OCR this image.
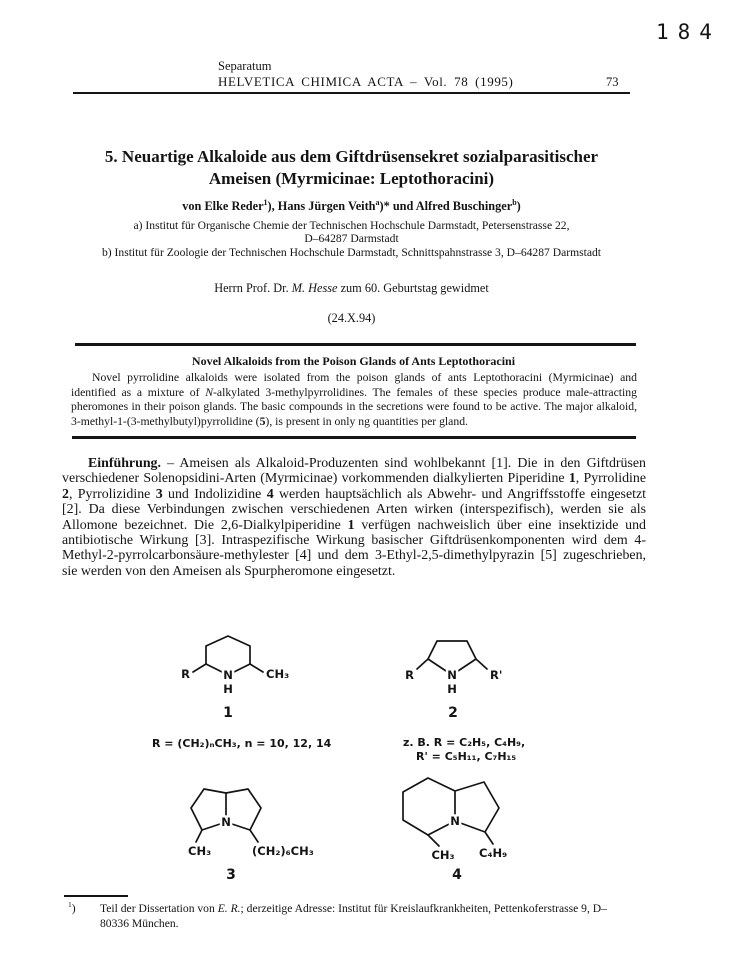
184
Separatum
HELVETICA CHIMICA ACTA – Vol. 78 (1995)	73
5. Neuartige Alkaloide aus dem Giftdrüsensekret sozialparasitischer
Ameisen (Myrmicinae: Leptothoracini)
von Elke Reder$^1$), Hans Jürgen Veith$^a$)* und Alfred Buschinger$^b$)
a) Institut für Organische Chemie der Technischen Hochschule Darmstadt, Petersenstrasse 22,
D–64287 Darmstadt
b) Institut für Zoologie der Technischen Hochschule Darmstadt, Schnittspahnstrasse 3, D–64287 Darmstadt
Herrn Prof. Dr. M. Hesse zum 60. Geburtstag gewidmet
(24.X.94)
Novel Alkaloids from the Poison Glands of Ants Leptothoracini

Novel pyrrolidine alkaloids were isolated from the poison glands of ants Leptothoracini (Myrmicinae) and identified as a mixture of N-alkylated 3-methylpyrrolidines. The females of these species produce male-attracting pheromones in their poison glands. The basic compounds in the secretions were found to be active. The major alkaloid, 3-methyl-1-(3-methylbutyl)pyrrolidine (5), is present in only ng quantities per gland.

Einführung. – Ameisen als Alkaloid-Produzenten sind wohlbekannt [1]. Die in den Giftdrüsen verschiedener Solenopsidini-Arten (Myrmicinae) vorkommenden dialkylierten Piperidine 1, Pyrrolidine 2, Pyrrolizidine 3 und Indolizidine 4 werden hauptsächlich als Abwehr- und Angriffsstoffe eingesetzt [2]. Da diese Verbindungen zwischen verschiedenen Arten wirken (interspezifisch), werden sie als Allomone bezeichnet. Die 2,6-Dialkylpiperidine 1 verfügen nachweislich über eine insektizide und antibiotische Wirkung [3]. Intraspezifische Wirkung basischer Giftdrüsenkomponenten wird dem 4-Methyl-2-pyrrolcarbonsäure-methylester [4] und dem 3-Ethyl-2,5-dimethylpyrazin [5] zugeschrieben, sie werden von den Ameisen als Spurpheromone eingesetzt.

R	N
H
CH₃
1
R = (CH₂)ₙCH₃, n = 10, 12, 14
R	N
H
R'
2
z. B. R = C₂H₅, C₄H₉,
R' = C₅H₁₁, C₇H₁₅
N
CH₃	(CH₂)₆CH₃
3
N
CH₃ C₄H₉
4
$^1$) Teil der Dissertation von E. R.; derzeitige Adresse: Institut für Kreislaufkrankheiten, Pettenkoferstrasse 9, D–80336 München.
